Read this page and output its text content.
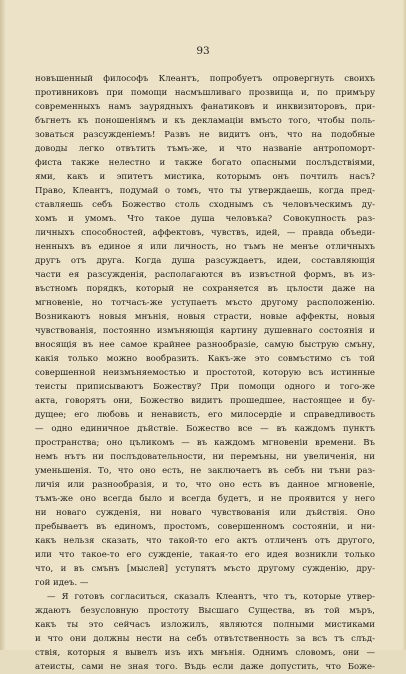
93
новъшенный философъ Клеантъ, попробуетъ опровергнуть своихъ
противниковъ при помощи насмъшливаго прозвища и, по примъру
современныхъ намъ заурядныхъ фанатиковъ и инквизиторовъ, при-
бъгнетъ къ поношеніямъ и къ декламаціи вмъсто того, чтобы поль-
зоваться разсужденіемъ! Развъ не видитъ онъ, что на подобные
доводы легко отвътить тъмъ-же, и что названіе антропоморт-
фиста также нелестно и также богато опасными послъдствіями,
ями, какъ и эпитетъ мистика, которымъ онъ почтилъ насъ?
Право, Клеантъ, подумай о томъ, что ты утверждаешь, когда пред-
ставляешь себъ Божество столь сходнымъ съ человъческимъ ду-
хомъ и умомъ. Что такое душа человъка? Совокупность раз-
личныхъ способностей, аффектовъ, чувствъ, идей, — правда объеди-
ненныхъ въ единое я или личность, но тъмъ не менъе отличныхъ
другъ отъ друга. Когда душа разсуждаетъ, идеи, составляющія
части ея разсужденія, располагаются въ извъстной формъ, въ из-
въстномъ порядкъ, который не сохраняется въ цълости даже на
мгновеніе, но тотчасъ-же уступаетъ мъсто другому расположенію.
Возникаютъ новыя мнънія, новыя страсти, новые аффекты, новыя
чувствованія, постоянно измъняющія картину душевнаго состоянія и
вносящія въ нее самое крайнее разнообразіе, самую быструю смъну,
какія только можно вообразить. Какъ-же это совмъстимо съ той
совершенной неизмъняемостью и простотой, которую всъ истинные
теисты приписываютъ Божеству? При помощи одного и того-же
акта, говорятъ они, Божество видитъ прошедшее, настоящее и бу-
дущее; его любовь и ненависть, его милосердіе и справедливость
— одно единичное дъйствіе. Божество все — въ каждомъ пунктъ
пространства; оно цъликомъ — въ каждомъ мгновеніи времени. Въ
немъ нътъ ни послъдовательности, ни перемъны, ни увеличенія, ни
уменьшенія. То, что оно есть, не заключаетъ въ себъ ни тъни раз-
личія или разнообразія, и то, что оно есть въ данное мгновеніе,
тъмъ-же оно всегда было и всегда будетъ, и не проявится у него
ни новаго сужденія, ни новаго чувствованія или дъйствія. Оно
пребываетъ въ единомъ, простомъ, совершенномъ состояніи, и ни-
какъ нельзя сказать, что такой-то его актъ отличенъ отъ другого,
или что такое-то его сужденіе, такая-то его идея возникли только
что, и въ смънъ [мыслей] уступятъ мъсто другому сужденію, дру-
гой идеъ. —
— Я готовъ согласиться, сказалъ Клеантъ, что тъ, которые утвер-
ждаютъ безусловную простоту Высшаго Существа, въ той мъръ,
какъ ты это сейчасъ изложилъ, являются полными мистиками
и что они должны нести на себъ отвътственность за всъ тъ слъд-
ствія, которыя я вывелъ изъ ихъ мнънія. Однимъ словомъ, они —
атеисты, сами не зная того. Въдь если даже допустить, что Боже-
